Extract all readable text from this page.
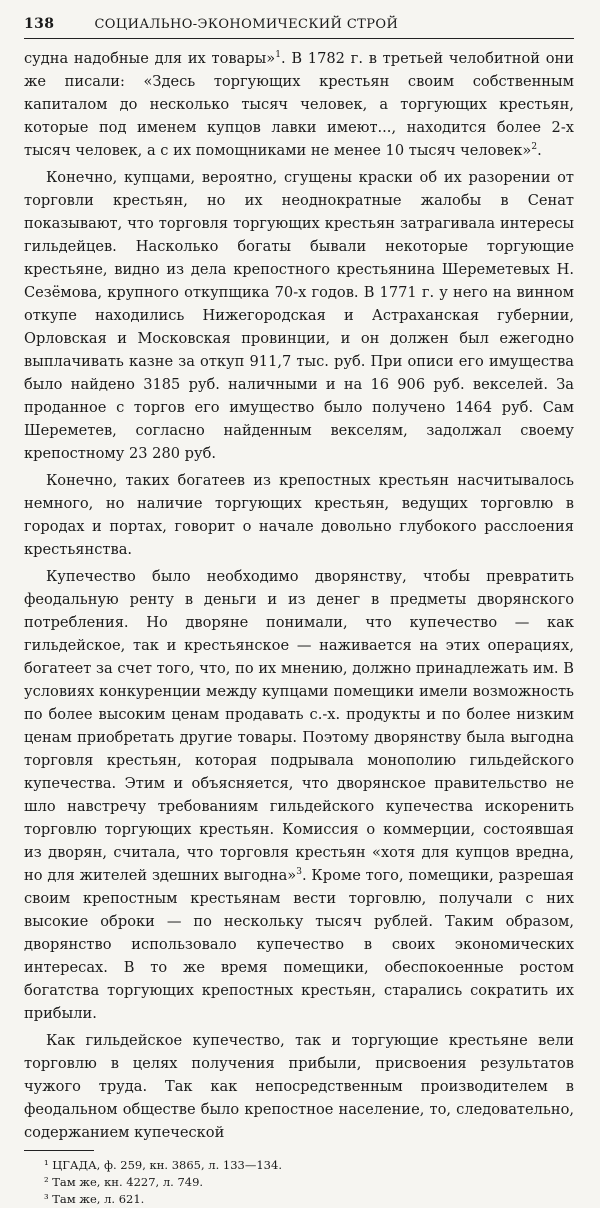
138	СОЦИАЛЬНО-ЭКОНОМИЧЕСКИЙ СТРОЙ

судна надобные для их товары»$^1$. В 1782 г. в третьей челобитной они же писали: «Здесь торгующих крестьян своим собственным капиталом до несколько тысяч человек, а торгующих крестьян, которые под именем купцов лавки имеют..., находится более 2-х тысяч человек, а с их помощниками не менее 10 тысяч человек»$^2$.

Конечно, купцами, вероятно, сгущены краски об их разорении от торговли крестьян, но их неоднократные жалобы в Сенат показывают, что торговля торгующих крестьян затрагивала интересы гильдейцев. Насколько богаты бывали некоторые торгующие крестьяне, видно из дела крепостного крестьянина Шереметевых Н. Сезёмова, крупного откупщика 70-х годов. В 1771 г. у него на винном откупе находились Нижегородская и Астраханская губернии, Орловская и Московская провинции, и он должен был ежегодно выплачивать казне за откуп 911,7 тыс. руб. При описи его имущества было найдено 3185 руб. наличными и на 16 906 руб. векселей. За проданное с торгов его имущество было получено 1464 руб. Сам Шереметев, согласно найденным векселям, задолжал своему крепостному 23 280 руб.

Конечно, таких богатеев из крепостных крестьян насчитывалось немного, но наличие торгующих крестьян, ведущих торговлю в городах и портах, говорит о начале довольно глубокого расслоения крестьянства.

Купечество было необходимо дворянству, чтобы превратить феодальную ренту в деньги и из денег в предметы дворянского потребления. Но дворяне понимали, что купечество — как гильдейское, так и крестьянское — наживается на этих операциях, богатеет за счет того, что, по их мнению, должно принадлежать им. В условиях конкуренции между купцами помещики имели возможность по более высоким ценам продавать с.-х. продукты и по более низким ценам приобретать другие товары. Поэтому дворянству была выгодна торговля крестьян, которая подрывала монополию гильдейского купечества. Этим и объясняется, что дворянское правительство не шло навстречу требованиям гильдейского купечества искоренить торговлю торгующих крестьян. Комиссия о коммерции, состоявшая из дворян, считала, что торговля крестьян «хотя для купцов вредна, но для жителей здешних выгодна»$^3$. Кроме того, помещики, разрешая своим крепостным крестьянам вести торговлю, получали с них высокие оброки — по нескольку тысяч рублей. Таким образом, дворянство использовало купечество в своих экономических интересах. В то же время помещики, обеспокоенные ростом богатства торгующих крепостных крестьян, старались сократить их прибыли.

Как гильдейское купечество, так и торгующие крестьяне вели торговлю в целях получения прибыли, присвоения результатов чужого труда. Так как непосредственным производителем в феодальном обществе было крепостное население, то, следовательно, содержанием купеческой

¹ ЦГАДА, ф. 259, кн. 3865, л. 133—134.
² Там же, кн. 4227, л. 749.
³ Там же, л. 621.
